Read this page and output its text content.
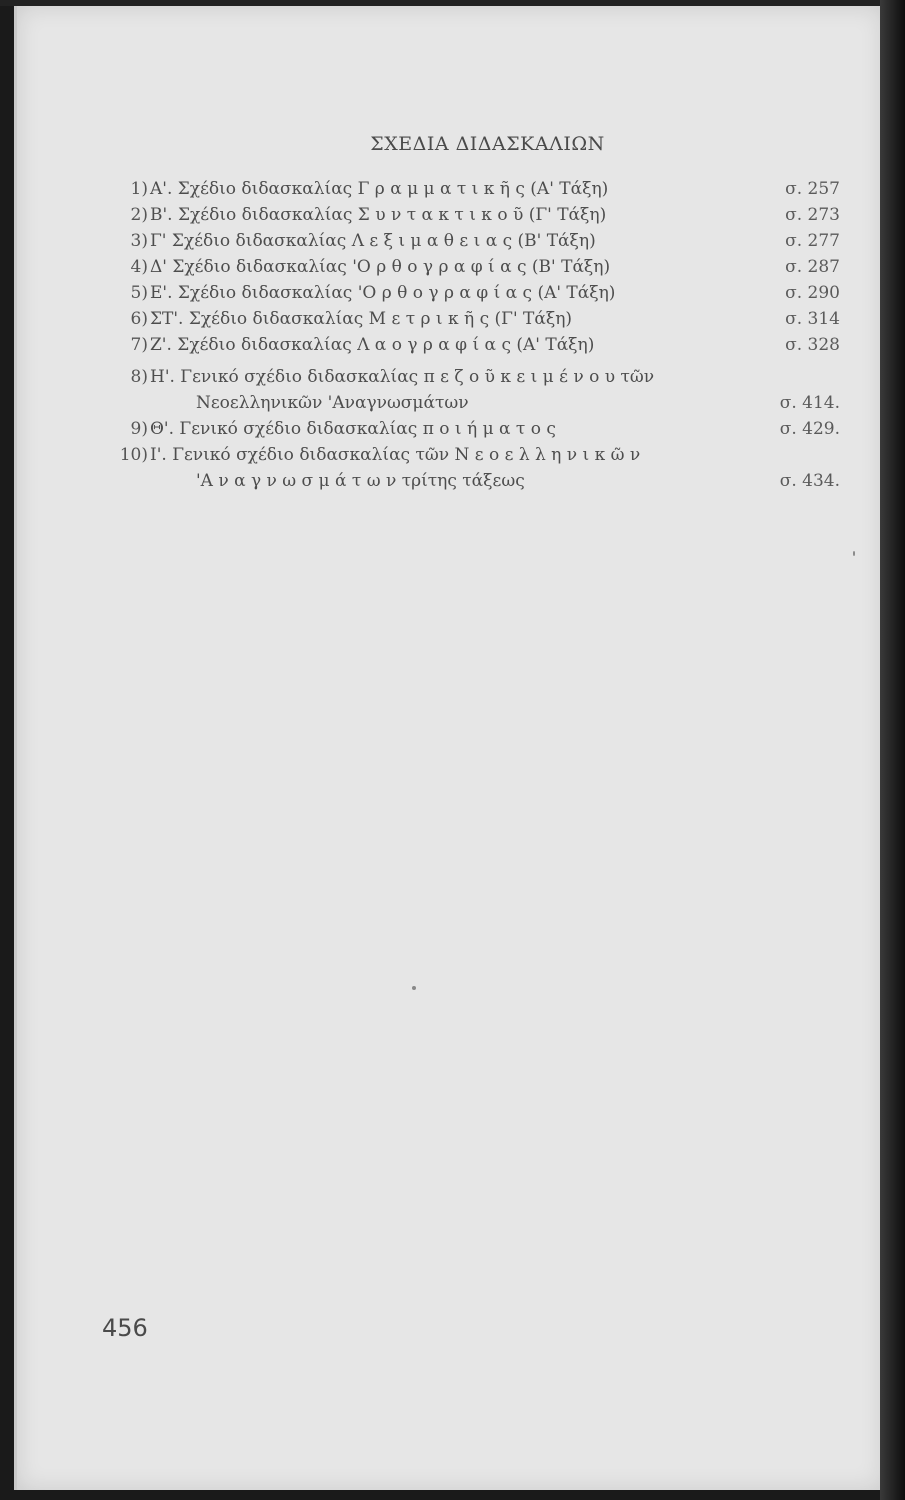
ΣΧΕΔΙΑ ΔΙΔΑΣΚΑΛΙΩΝ
1) Α'. Σχέδιο διδασκαλίας Γ ρ α μ μ α τ ι κ ῆ ς (Α' Τάξη)	σ. 257
2) Β'. Σχέδιο διδασκαλίας Σ υ ν τ α κ τ ι κ ο ῦ (Γ' Τάξη)	σ. 273
3) Γ' Σχέδιο διδασκαλίας Λ ε ξ ι μ α θ ε ι α ς (Β' Τάξη)	σ. 277
4) Δ' Σχέδιο διδασκαλίας 'Ο ρ θ ο γ ρ α φ ί α ς (Β' Τάξη)	σ. 287
5) Ε'. Σχέδιο διδασκαλίας 'Ο ρ θ ο γ ρ α φ ί α ς (Α' Τάξη)	σ. 290
6) ΣΤ'. Σχέδιο διδασκαλίας Μ ε τ ρ ι κ ῆ ς (Γ' Τάξη)	σ. 314
7) Ζ'. Σχέδιο διδασκαλίας Λ α ο γ ρ α φ ί α ς (Α' Τάξη)	σ. 328
8) Η'. Γενικό σχέδιο διδασκαλίας π ε ζ ο ῦ κ ε ι μ έ ν ο υ τῶν
Νεοελληνικῶν 'Αναγνωσμάτων	σ. 414.
9) Θ'. Γενικό σχέδιο διδασκαλίας π ο ι ή μ α τ ο ς	σ. 429.
10) Ι'. Γενικό σχέδιο διδασκαλίας τῶν Ν ε ο ε λ λ η ν ι κ ῶ ν
'Α ν α γ ν ω σ μ ά τ ω ν τρίτης τάξεως	σ. 434.
456
